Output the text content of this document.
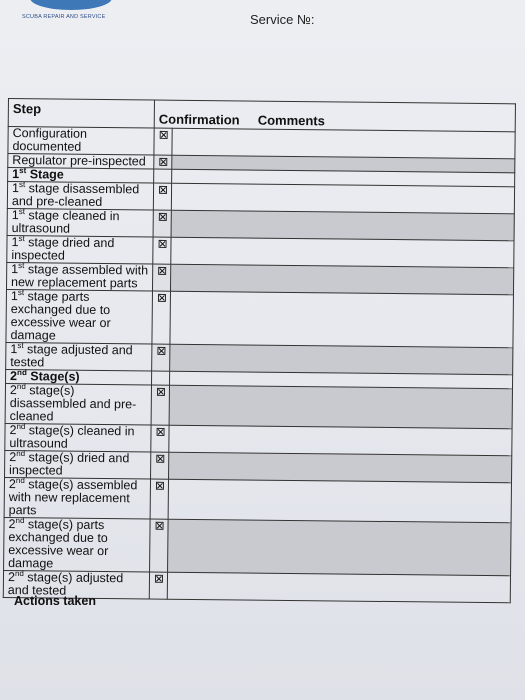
SCUBA REPAIR AND SERVICE	Service №:
Step	Confirmation Comments	
Configuration documented	⊠	
Regulator pre-inspected	⊠	
1st Stage		
1st stage disassembled and pre-cleaned	⊠	
1st stage cleaned in ultrasound	⊠	
1st stage dried and inspected	⊠	
1st stage assembled with new replacement parts	⊠	
1st stage parts exchanged due to excessive wear or damage	⊠	
1st stage adjusted and tested	⊠	
2nd Stage(s)		
2nd stage(s) disassembled and pre-cleaned	⊠	
2nd stage(s) cleaned in ultrasound	⊠	
2nd stage(s) dried and inspected	⊠	
2nd stage(s) assembled with new replacement parts	⊠	
2nd stage(s) parts exchanged due to excessive wear or damage	⊠	
2nd stage(s) adjusted and tested	⊠	
Actions taken
